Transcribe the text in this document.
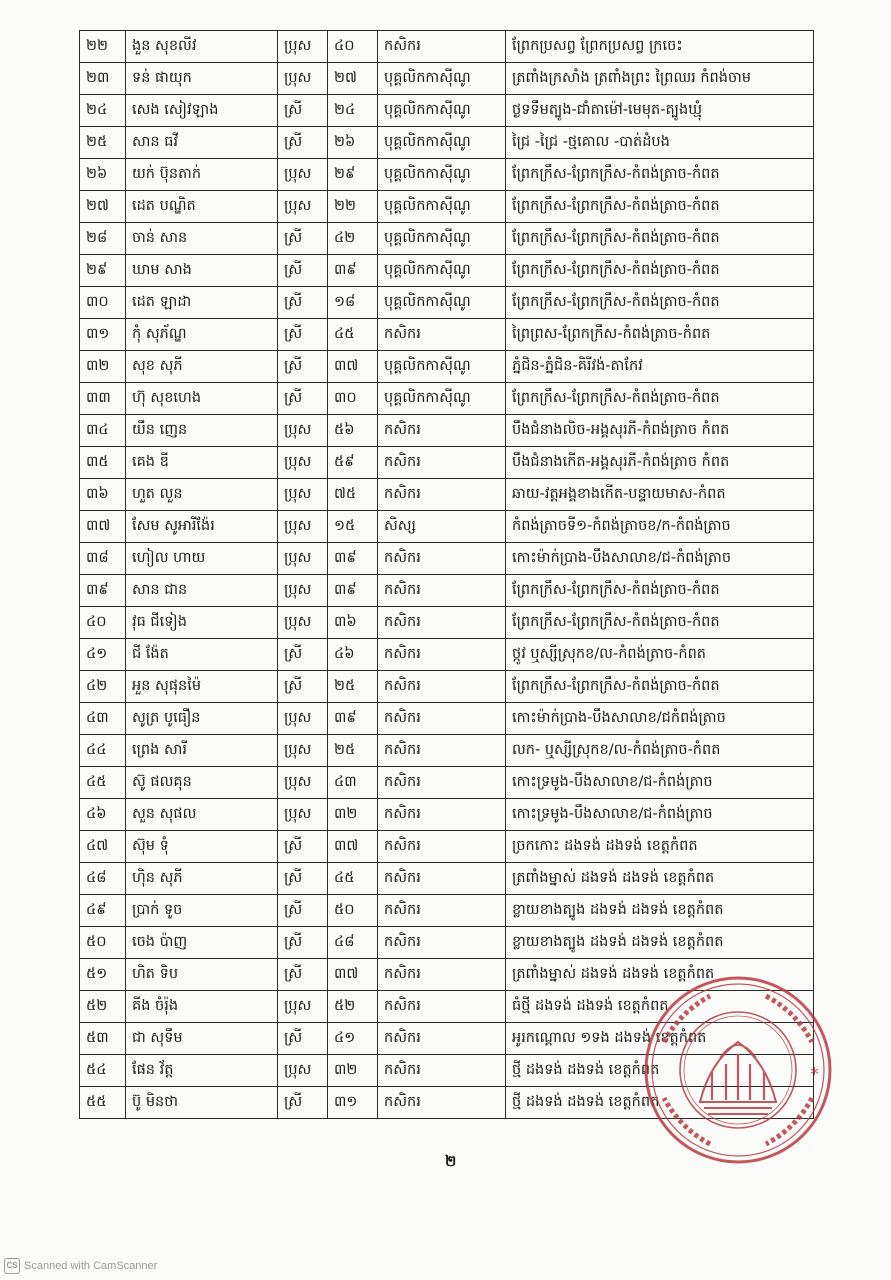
២២	ងួន សុខលីវ	ប្រុស	៤០	កសិករ	ព្រែកប្រសព្វ ព្រែកប្រសព្វ ក្រចេះ
២៣	ទន់ ផាយុក	ប្រុស	២៧	បុគ្គលិកកាស៊ីណូ	ត្រពាំងក្រសាំង ត្រពាំងព្រះ ព្រៃឈរ កំពង់ចាម
២៤	សេង សៀវឡាង	ស្រី	២៤	បុគ្គលិកកាស៊ីណូ	ថ្ងទទឹមត្បូង-ជាំតាម៉ៅ-មេមុត-ត្បូងឃ្មុំ
២៥	សាន ធវី	ស្រី	២៦	បុគ្គលិកកាស៊ីណូ	ជ្រៃ -ជ្រៃ -ថ្មគោល -បាត់ដំបង
២៦	យក់ ប៊ុនតាក់	ប្រុស	២៩	បុគ្គលិកកាស៊ីណូ	ព្រែកក្រឹស-ព្រែកក្រឹស-កំពង់ត្រាច-កំពត
២៧	ដេត បណ្ឌិត	ប្រុស	២២	បុគ្គលិកកាស៊ីណូ	ព្រែកក្រឹស-ព្រែកក្រឹស-កំពង់ត្រាច-កំពត
២៨	ចាន់ សាន	ស្រី	៤២	បុគ្គលិកកាស៊ីណូ	ព្រែកក្រឹស-ព្រែកក្រឹស-កំពង់ត្រាច-កំពត
២៩	ឃាម សាង	ស្រី	៣៩	បុគ្គលិកកាស៊ីណូ	ព្រែកក្រឹស-ព្រែកក្រឹស-កំពង់ត្រាច-កំពត
៣០	ដេត ឡាដា	ស្រី	១៨	បុគ្គលិកកាស៊ីណូ	ព្រែកក្រឹស-ព្រែកក្រឹស-កំពង់ត្រាច-កំពត
៣១	កុំ សុភ័ណ្ឌ	ស្រី	៤៥	កសិករ	ព្រៃព្រស-ព្រែកក្រឹស-កំពង់ត្រាច-កំពត
៣២	សុខ សុភី	ស្រី	៣៧	បុគ្គលិកកាស៊ីណូ	ភ្នំជិន-ភ្នំជិន-គិរីវង់-តាកែវ
៣៣	ហ៊ុ សុខហេង	ស្រី	៣០	បុគ្គលិកកាស៊ីណូ	ព្រែកក្រឹស-ព្រែកក្រឹស-កំពង់ត្រាច-កំពត
៣៤	យឹន ញេន	ប្រុស	៥៦	កសិករ	បឹងជំនាងលិច-អង្គសុរភី-កំពង់ត្រាច កំពត
៣៥	គេង ឌី	ប្រុស	៥៩	កសិករ	បឹងជំនាងកើត-អង្គសុរភី-កំពង់ត្រាច កំពត
៣៦	ហួត លួន	ប្រុស	៧៥	កសិករ	ឆាយ-វត្តអង្គខាងកើត-បន្ទាយមាស-កំពត
៣៧	សែម សូអារីង៉ែរ	ប្រុស	១៥	សិស្ស	កំពង់ត្រាចទី១-កំពង់ត្រាចខ/ក-កំពង់ត្រាច
៣៨	ហៀល ហាយ	ប្រុស	៣៩	កសិករ	កោះម៉ាក់ប្រាង-បឹងសាលាខ/ជ-កំពង់ត្រាច
៣៩	សាន ជាន	ប្រុស	៣៩	កសិករ	ព្រែកក្រឹស-ព្រែកក្រឹស-កំពង់ត្រាច-កំពត
៤០	វុធ ជីទៀង	ប្រុស	៣៦	កសិករ	ព្រែកក្រឹស-ព្រែកក្រឹស-កំពង់ត្រាច-កំពត
៤១	ជី ង៉ែត	ស្រី	៤៦	កសិករ	ថ្កូវ ឬស្សីស្រុកខ/ល-កំពង់ត្រាច-កំពត
៤២	អួន សុផុនម៉ៃ	ស្រី	២៥	កសិករ	ព្រែកក្រឹស-ព្រែកក្រឹស-កំពង់ត្រាច-កំពត
៤៣	សូត្រ បូធឿន	ប្រុស	៣៩	កសិករ	កោះម៉ាក់ប្រាង-បឹងសាលាខ/ជកំពង់ត្រាច
៤៤	ព្រេង សារី	ប្រុស	២៥	កសិករ	លក- ឬស្សីស្រុកខ/ល-កំពង់ត្រាច-កំពត
៤៥	ស៊ូ ផលគុន	ប្រុស	៤៣	កសិករ	កោះទ្រមូង-បឹងសាលាខ/ជ-កំពង់ត្រាច
៤៦	សួន សុផល	ប្រុស	៣២	កសិករ	កោះទ្រមូង-បឹងសាលាខ/ជ-កំពង់ត្រាច
៤៧	ស៊ុម ទុំ	ស្រី	៣៧	កសិករ	ច្រកកោះ ដងទង់ ដងទង់ ខេត្តកំពត
៤៨	ហ៊ិន សុភី	ស្រី	៤៥	កសិករ	ត្រពាំងម្នាស់ ដងទង់ ដងទង់ ខេត្តកំពត
៤៩	ប្រាក់ ទូច	ស្រី	៥០	កសិករ	ខ្លាយខាងត្បូង ដងទង់ ដងទង់ ខេត្តកំពត
៥០	ចេង ប៉ាញ	ស្រី	៤៨	កសិករ	ខ្លាយខាងត្បូង ដងទង់ ដងទង់ ខេត្តកំពត
៥១	ហិត ទិប	ស្រី	៣៧	កសិករ	ត្រពាំងម្នាស់ ដងទង់ ដងទង់ ខេត្តកំពត
៥២	គីង ចំរ៉ុង	ប្រុស	៥២	កសិករ	ធំថ្មី ដងទង់ ដងទង់ ខេត្តកំពត
៥៣	ជា សុទឹម	ស្រី	៤១	កសិករ	អូរកណ្ដោល ១ទង ដងទង់ ខេត្តកំពត
៥៤	ផែន វ័ត្ត	ប្រុស	៣២	កសិករ	ថ្មី ដងទង់ ដងទង់ ខេត្តកំពត
៥៥	ប៊ូ មិនថា	ស្រី	៣១	កសិករ	ថ្មី ដងទង់ ដងទង់ ខេត្តកំពត
*
២
CS Scanned with CamScanner
